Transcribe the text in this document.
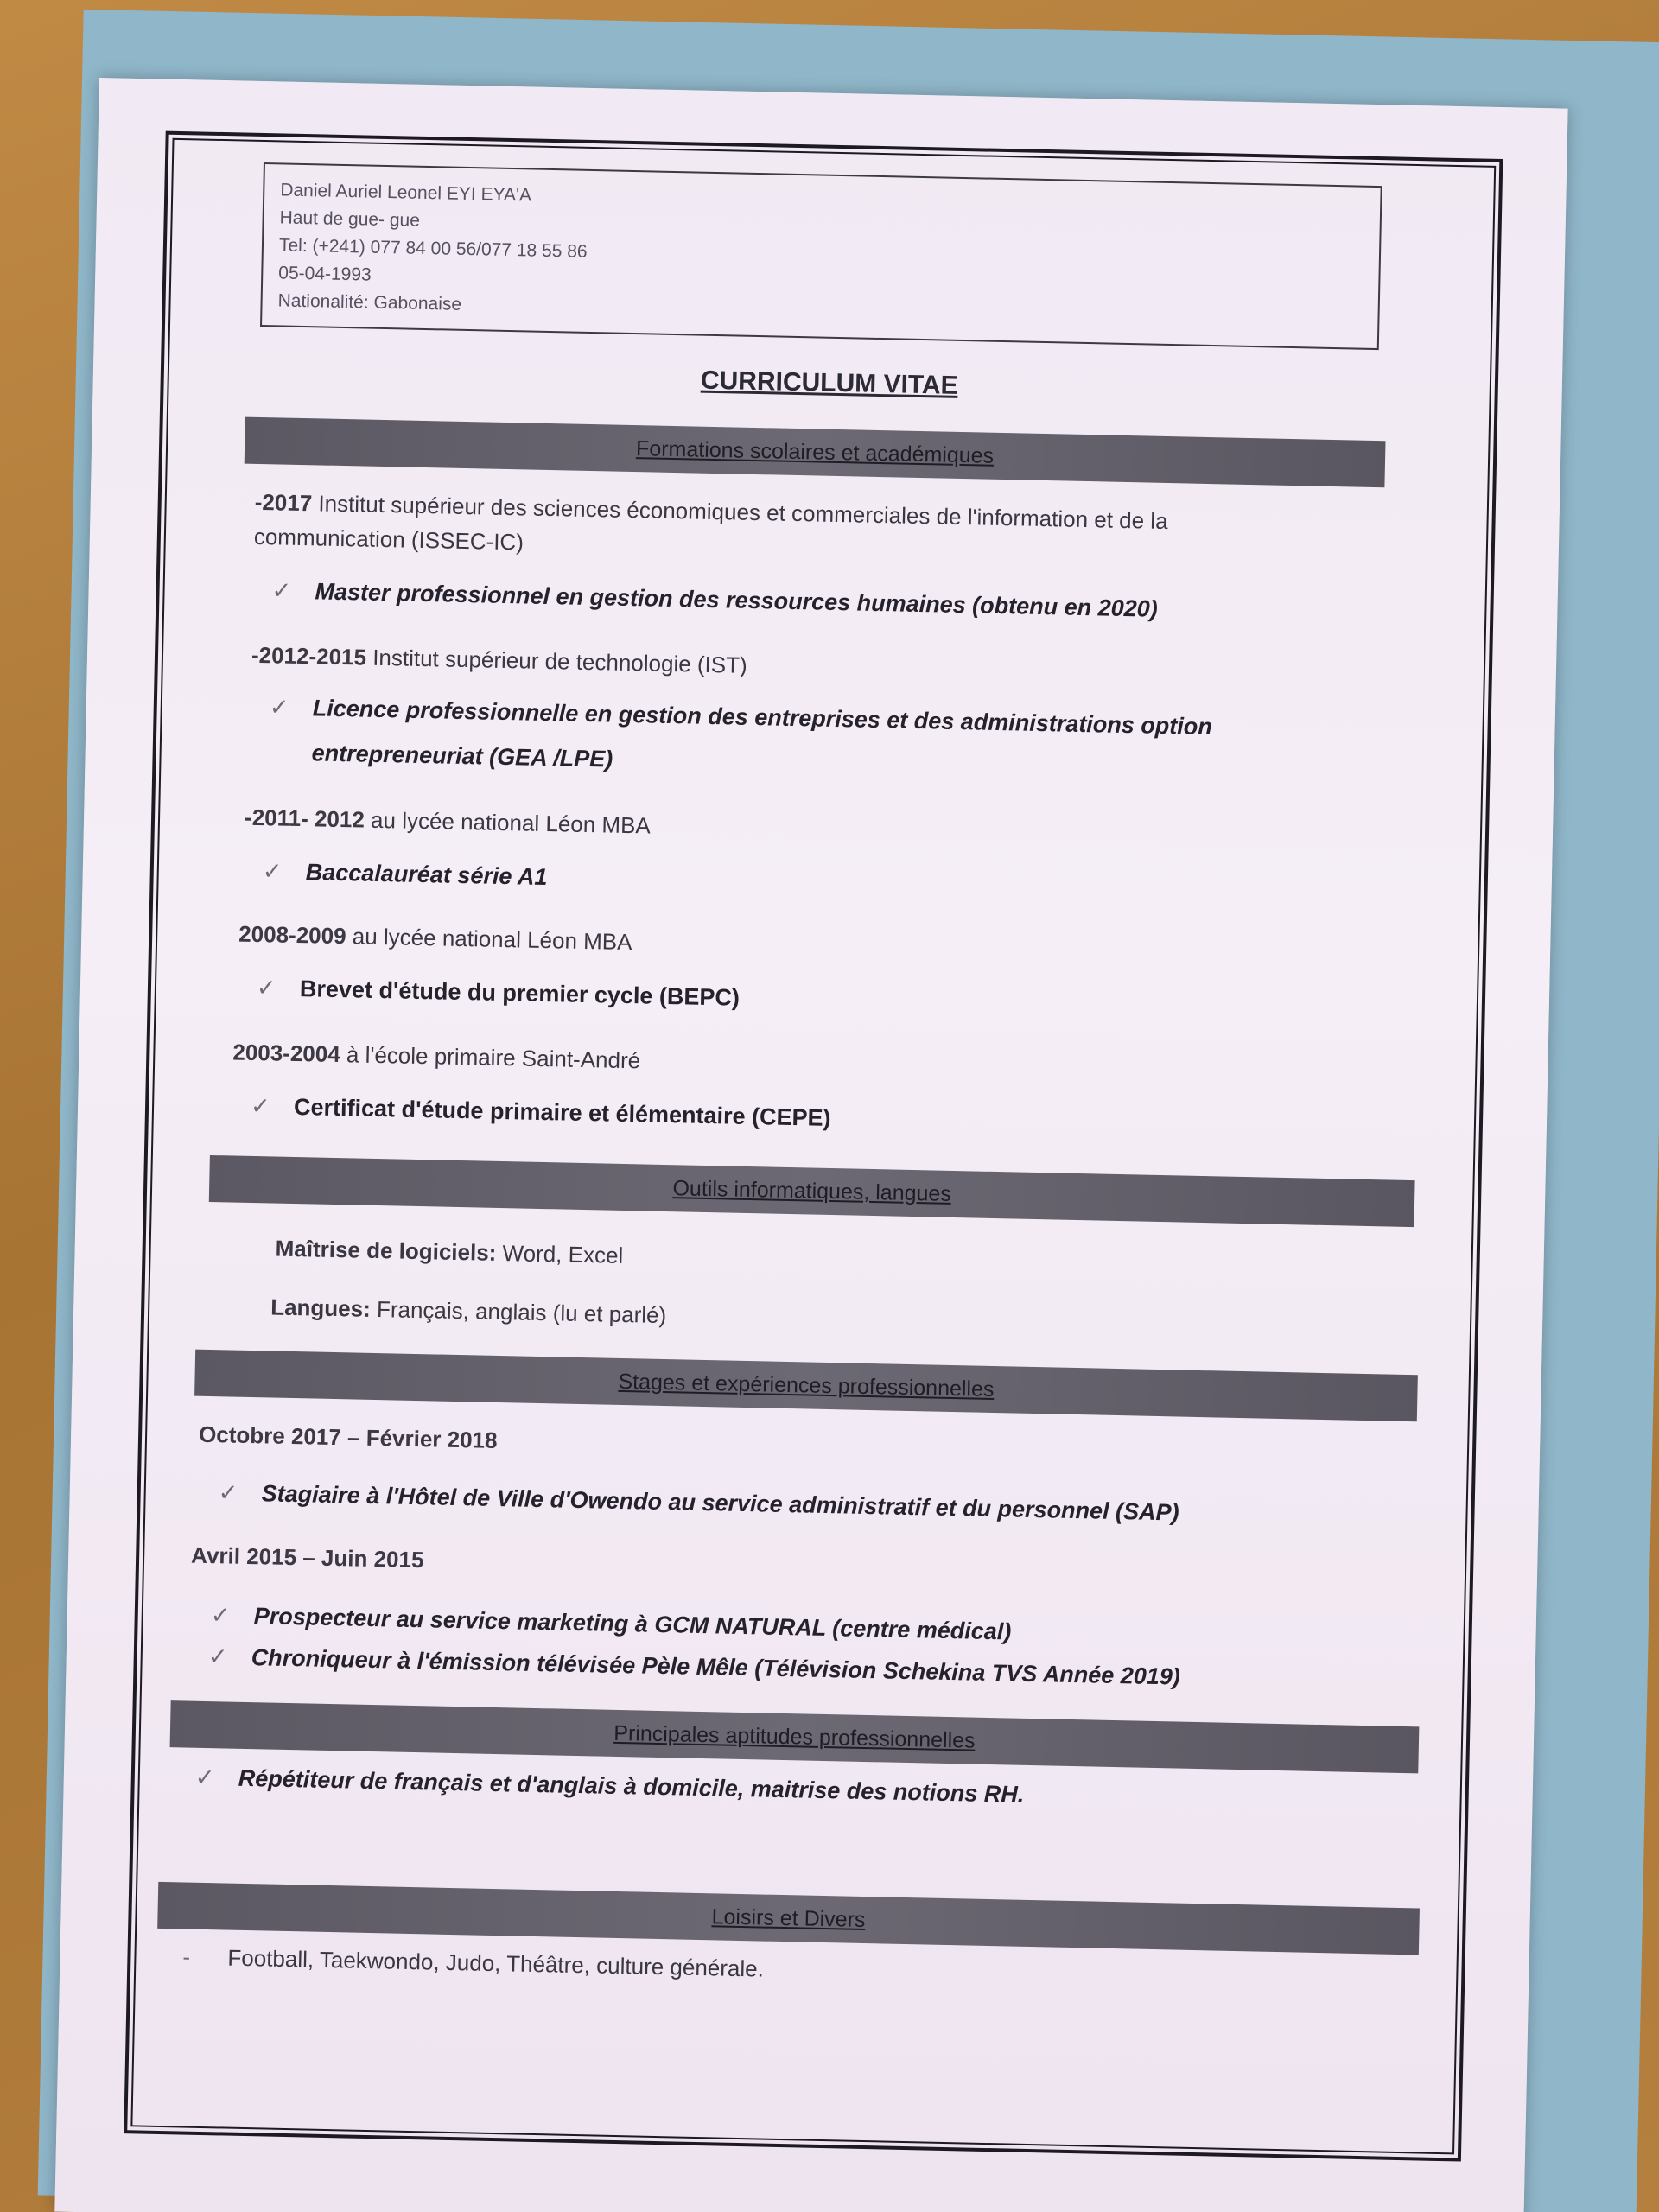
Daniel Auriel Leonel EYI EYA'A
Haut de gue- gue
Tel: (+241) 077 84 00 56/077 18 55 86
05-04-1993
Nationalité: Gabonaise
CURRICULUM VITAE
Formations scolaires et académiques
-2017 Institut supérieur des sciences économiques et commerciales de l'information et de la
communication (ISSEC-IC)
✓ Master professionnel en gestion des ressources humaines (obtenu en 2020)
-2012-2015 Institut supérieur de technologie (IST)
✓ Licence professionnelle en gestion des entreprises et des administrations option
entrepreneuriat (GEA /LPE)
-2011- 2012 au lycée national Léon MBA
✓ Baccalauréat série A1
2008-2009 au lycée national Léon MBA
✓ Brevet d'étude du premier cycle (BEPC)
2003-2004 à l'école primaire Saint-André
✓ Certificat d'étude primaire et élémentaire (CEPE)
Outils informatiques, langues
Maîtrise de logiciels: Word, Excel
Langues: Français, anglais (lu et parlé)
Stages et expériences professionnelles
Octobre 2017 – Février 2018
✓ Stagiaire à l'Hôtel de Ville d'Owendo au service administratif et du personnel (SAP)
Avril 2015 – Juin 2015
✓ Prospecteur au service marketing à GCM NATURAL (centre médical)
✓ Chroniqueur à l'émission télévisée Pèle Mêle (Télévision Schekina TVS Année 2019)
Principales aptitudes professionnelles
✓ Répétiteur de français et d'anglais à domicile, maitrise des notions RH.
Loisirs et Divers
- Football, Taekwondo, Judo, Théâtre, culture générale.
